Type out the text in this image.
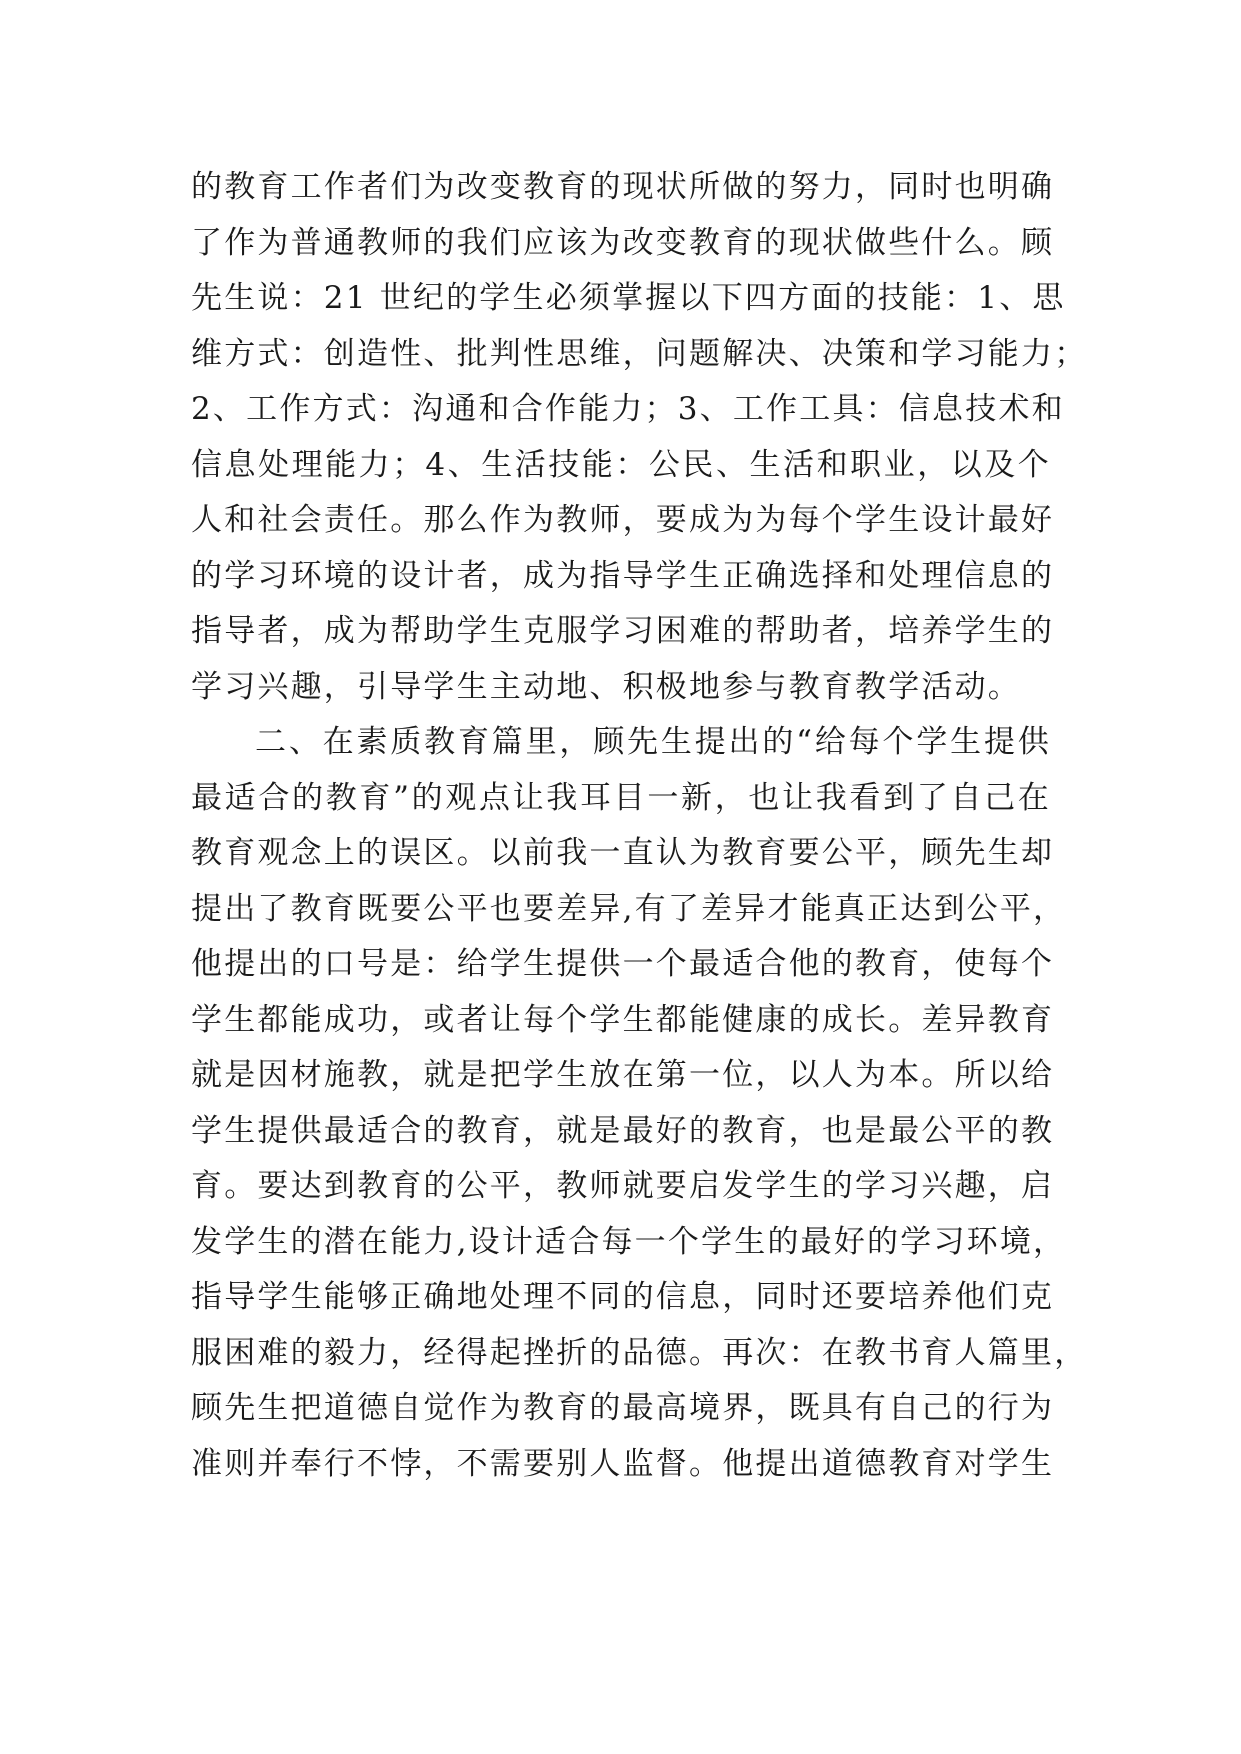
的教育工作者们为改变教育的现状所做的努力，同时也明确
了作为普通教师的我们应该为改变教育的现状做些什么。顾
先生说：21 世纪的学生必须掌握以下四方面的技能：1、思
维方式：创造性、批判性思维，问题解决、决策和学习能力；
2、工作方式：沟通和合作能力；3、工作工具：信息技术和
信息处理能力；4、生活技能：公民、生活和职业，以及个
人和社会责任。那么作为教师，要成为为每个学生设计最好
的学习环境的设计者，成为指导学生正确选择和处理信息的
指导者，成为帮助学生克服学习困难的帮助者，培养学生的
学习兴趣，引导学生主动地、积极地参与教育教学活动。
二、在素质教育篇里，顾先生提出的“给每个学生提供
最适合的教育”的观点让我耳目一新，也让我看到了自己在
教育观念上的误区。以前我一直认为教育要公平，顾先生却
提出了教育既要公平也要差异,有了差异才能真正达到公平，
他提出的口号是：给学生提供一个最适合他的教育，使每个
学生都能成功，或者让每个学生都能健康的成长。差异教育
就是因材施教，就是把学生放在第一位，以人为本。所以给
学生提供最适合的教育，就是最好的教育，也是最公平的教
育。要达到教育的公平，教师就要启发学生的学习兴趣，启
发学生的潜在能力,设计适合每一个学生的最好的学习环境，
指导学生能够正确地处理不同的信息，同时还要培养他们克
服困难的毅力，经得起挫折的品德。再次：在教书育人篇里，
顾先生把道德自觉作为教育的最高境界，既具有自己的行为
准则并奉行不悖，不需要别人监督。他提出道德教育对学生
